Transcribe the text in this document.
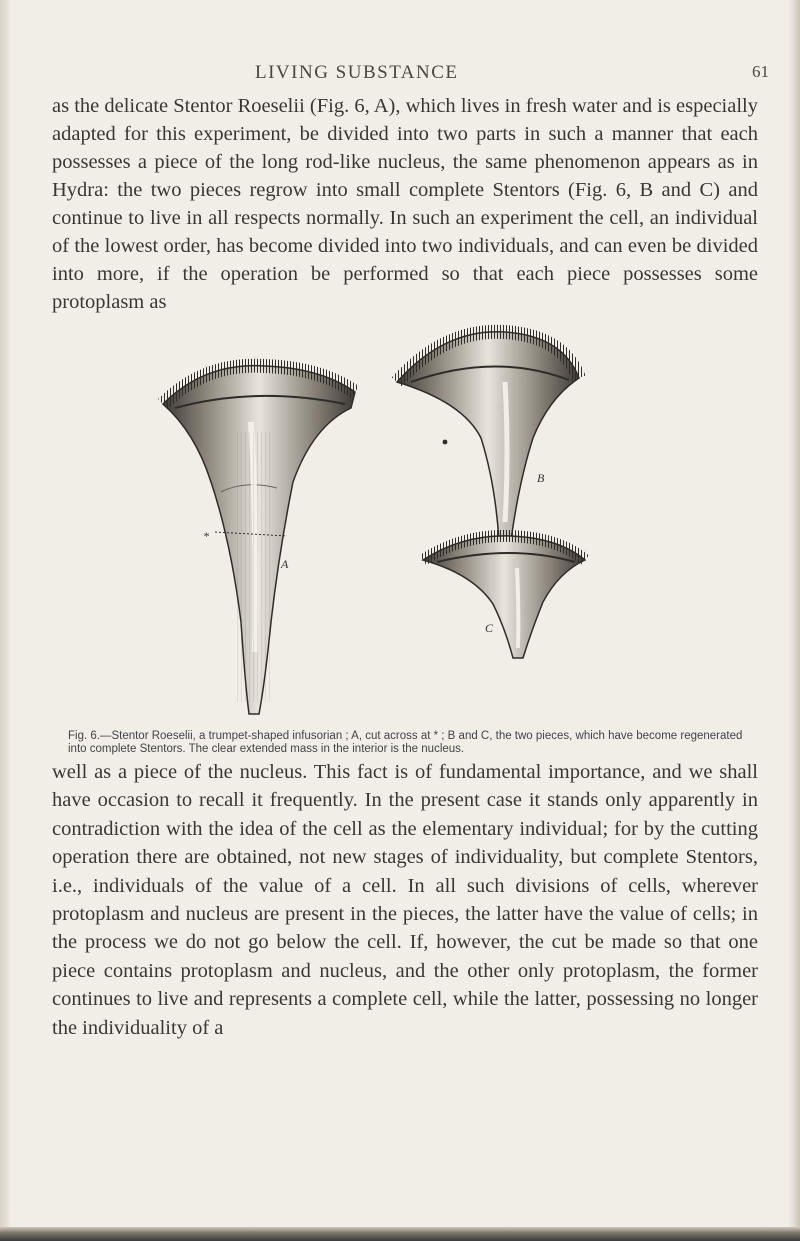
LIVING SUBSTANCE	61

as the delicate Stentor Roeselii (Fig. 6, A), which lives in fresh water and is especially adapted for this experiment, be divided into two parts in such a manner that each possesses a piece of the long rod-like nucleus, the same phenomenon appears as in Hydra: the two pieces regrow into small complete Stentors (Fig. 6, B and C) and continue to live in all respects normally. In such an experiment the cell, an individual of the lowest order, has become divided into two individuals, and can even be divided into more, if the operation be performed so that each piece possesses some protoplasm as

*
A
B
C

Fig. 6.—Stentor Roeselii, a trumpet-shaped infusorian ; A, cut across at * ; B and C, the two pieces, which have become regenerated into complete Stentors. The clear extended mass in the interior is the nucleus.

well as a piece of the nucleus. This fact is of fundamental importance, and we shall have occasion to recall it frequently. In the present case it stands only apparently in contradiction with the idea of the cell as the elementary individual; for by the cutting operation there are obtained, not new stages of individuality, but complete Stentors, i.e., individuals of the value of a cell. In all such divisions of cells, wherever protoplasm and nucleus are present in the pieces, the latter have the value of cells; in the process we do not go below the cell. If, however, the cut be made so that one piece contains protoplasm and nucleus, and the other only protoplasm, the former continues to live and represents a complete cell, while the latter, possessing no longer the individuality of a
